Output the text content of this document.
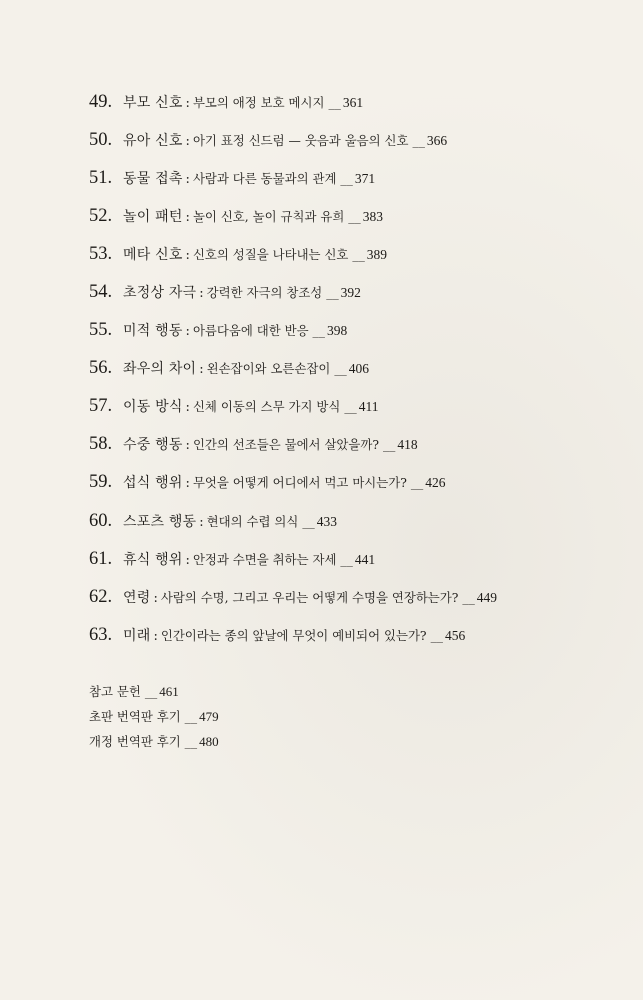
49. 부모 신호 : 부모의 애정 보호 메시지 __ 361
50. 유아 신호 : 아기 표정 신드럼 — 웃음과 울음의 신호 __ 366
51. 동물 접촉 : 사람과 다른 동물과의 관계 __ 371
52. 놀이 패턴 : 놀이 신호, 놀이 규칙과 유희 __ 383
53. 메타 신호 : 신호의 성질을 나타내는 신호 __ 389
54. 초정상 자극 : 강력한 자극의 창조성 __ 392
55. 미적 행동 : 아름다움에 대한 반응 __ 398
56. 좌우의 차이 : 왼손잡이와 오른손잡이 __ 406
57. 이동 방식 : 신체 이동의 스무 가지 방식 __ 411
58. 수중 행동 : 인간의 선조들은 물에서 살았을까? __ 418
59. 섭식 행위 : 무엇을 어떻게 어디에서 먹고 마시는가? __ 426
60. 스포츠 행동 : 현대의 수렵 의식 __ 433
61. 휴식 행위 : 안정과 수면을 취하는 자세 __ 441
62. 연령 : 사람의 수명, 그리고 우리는 어떻게 수명을 연장하는가? __ 449
63. 미래 : 인간이라는 종의 앞날에 무엇이 예비되어 있는가? __ 456
참고 문헌 __ 461
초판 번역판 후기 __ 479
개정 번역판 후기 __ 480
